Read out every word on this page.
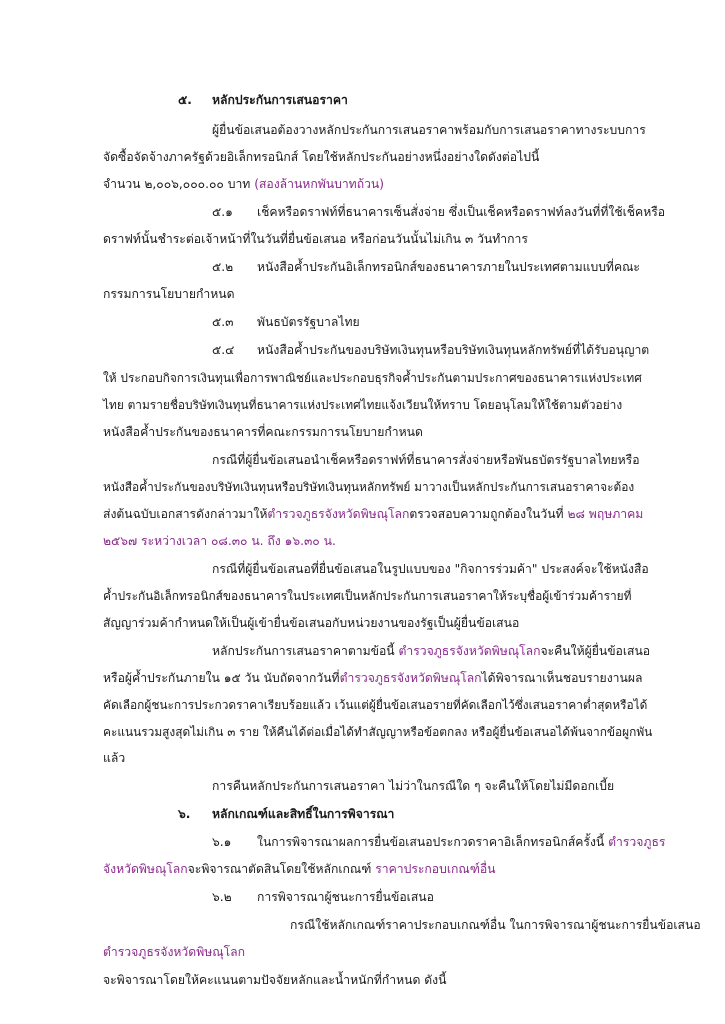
๕. หลักประกันการเสนอราคา
ผู้ยื่นข้อเสนอต้องวางหลักประกันการเสนอราคาพร้อมกับการเสนอราคาทางระบบการ
จัดซื้อจัดจ้างภาครัฐด้วยอิเล็กทรอนิกส์ โดยใช้หลักประกันอย่างหนึ่งอย่างใดดังต่อไปนี้
จำนวน ๒,๐๐๖,๐๐๐.๐๐ บาท (สองล้านหกพันบาทถ้วน)
๕.๑ เช็คหรือดราฟท์ที่ธนาคารเซ็นสั่งจ่าย ซึ่งเป็นเช็คหรือดราฟท์ลงวันที่ที่ใช้เช็คหรือ
ดราฟท์นั้นชำระต่อเจ้าหน้าที่ในวันที่ยื่นข้อเสนอ หรือก่อนวันนั้นไม่เกิน ๓ วันทำการ
๕.๒ หนังสือค้ำประกันอิเล็กทรอนิกส์ของธนาคารภายในประเทศตามแบบที่คณะ
กรรมการนโยบายกำหนด
๕.๓ พันธบัตรรัฐบาลไทย
๕.๔ หนังสือค้ำประกันของบริษัทเงินทุนหรือบริษัทเงินทุนหลักทรัพย์ที่ได้รับอนุญาต
ให้ ประกอบกิจการเงินทุนเพื่อการพาณิชย์และประกอบธุรกิจค้ำประกันตามประกาศของธนาคารแห่งประเทศ
ไทย ตามรายชื่อบริษัทเงินทุนที่ธนาคารแห่งประเทศไทยแจ้งเวียนให้ทราบ โดยอนุโลมให้ใช้ตามตัวอย่าง
หนังสือค้ำประกันของธนาคารที่คณะกรรมการนโยบายกำหนด
กรณีที่ผู้ยื่นข้อเสนอนำเช็คหรือดราฟท์ที่ธนาคารสั่งจ่ายหรือพันธบัตรรัฐบาลไทยหรือ
หนังสือค้ำประกันของบริษัทเงินทุนหรือบริษัทเงินทุนหลักทรัพย์ มาวางเป็นหลักประกันการเสนอราคาจะต้อง
ส่งต้นฉบับเอกสารดังกล่าวมาให้ตำรวจภูธรจังหวัดพิษณุโลกตรวจสอบความถูกต้องในวันที่ ๒๘ พฤษภาคม
๒๕๖๗ ระหว่างเวลา ๐๘.๓๐ น. ถึง ๑๖.๓๐ น.
กรณีที่ผู้ยื่นข้อเสนอที่ยื่นข้อเสนอในรูปแบบของ "กิจการร่วมค้า" ประสงค์จะใช้หนังสือ
ค้ำประกันอิเล็กทรอนิกส์ของธนาคารในประเทศเป็นหลักประกันการเสนอราคาให้ระบุชื่อผู้เข้าร่วมค้ารายที่
สัญญาร่วมค้ากำหนดให้เป็นผู้เข้ายื่นข้อเสนอกับหน่วยงานของรัฐเป็นผู้ยื่นข้อเสนอ
หลักประกันการเสนอราคาตามข้อนี้ ตำรวจภูธรจังหวัดพิษณุโลกจะคืนให้ผู้ยื่นข้อเสนอ
หรือผู้ค้ำประกันภายใน ๑๕ วัน นับถัดจากวันที่ตำรวจภูธรจังหวัดพิษณุโลกได้พิจารณาเห็นชอบรายงานผล
คัดเลือกผู้ชนะการประกวดราคาเรียบร้อยแล้ว เว้นแต่ผู้ยื่นข้อเสนอรายที่คัดเลือกไว้ซึ่งเสนอราคาต่ำสุดหรือได้
คะแนนรวมสูงสุดไม่เกิน ๓ ราย ให้คืนได้ต่อเมื่อได้ทำสัญญาหรือข้อตกลง หรือผู้ยื่นข้อเสนอได้พ้นจากข้อผูกพัน
แล้ว
การคืนหลักประกันการเสนอราคา ไม่ว่าในกรณีใด ๆ จะคืนให้โดยไม่มีดอกเบี้ย
๖. หลักเกณฑ์และสิทธิ์ในการพิจารณา
๖.๑ ในการพิจารณาผลการยื่นข้อเสนอประกวดราคาอิเล็กทรอนิกส์ครั้งนี้ ตำรวจภูธร
จังหวัดพิษณุโลกจะพิจารณาตัดสินโดยใช้หลักเกณฑ์ ราคาประกอบเกณฑ์อื่น
๖.๒ การพิจารณาผู้ชนะการยื่นข้อเสนอ
กรณีใช้หลักเกณฑ์ราคาประกอบเกณฑ์อื่น ในการพิจารณาผู้ชนะการยื่นข้อเสนอ
ตำรวจภูธรจังหวัดพิษณุโลก
จะพิจารณาโดยให้คะแนนตามปัจจัยหลักและน้ำหนักที่กำหนด ดังนี้
